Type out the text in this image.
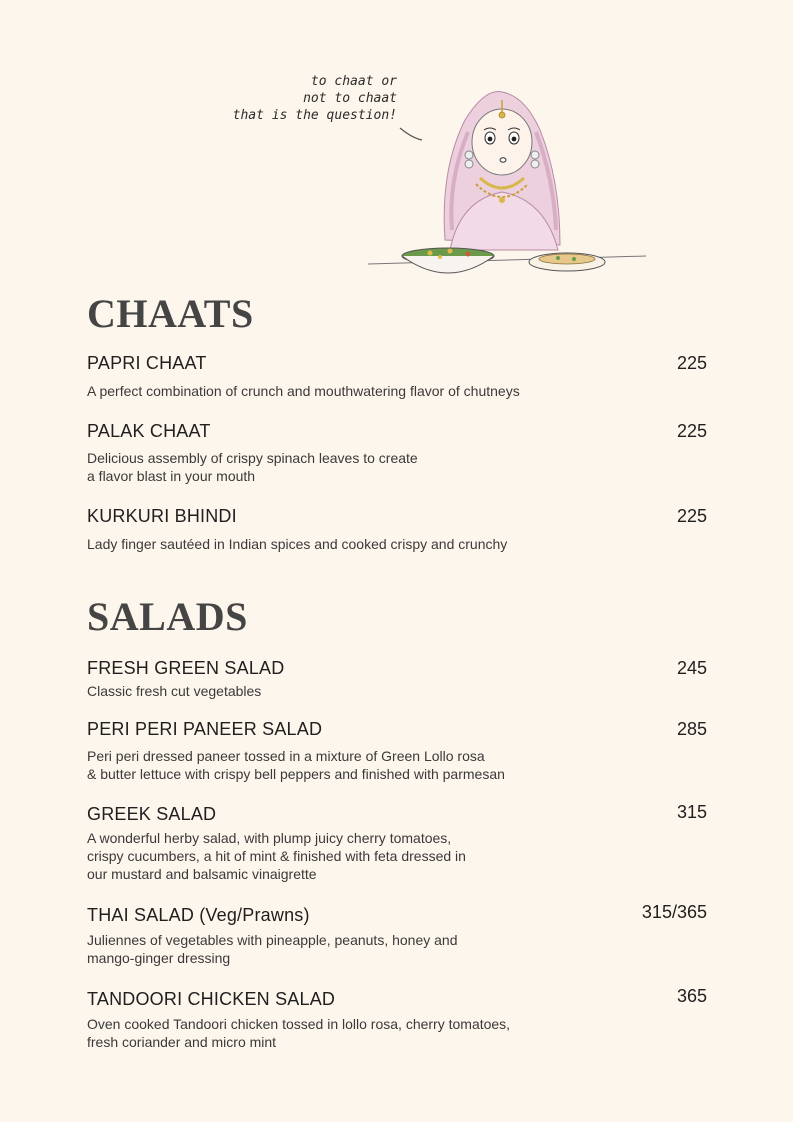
to chaat or
not to chaat
that is the question!
CHAATS
PAPRI CHAAT	225
A perfect combination of crunch and mouthwatering flavor of chutneys
PALAK CHAAT	225
Delicious assembly of crispy spinach leaves to create
a flavor blast in your mouth
KURKURI BHINDI	225
Lady finger sautéed in Indian spices and cooked crispy and crunchy
SALADS
FRESH GREEN SALAD	245
Classic fresh cut vegetables
PERI PERI PANEER SALAD	285
Peri peri dressed paneer tossed in a mixture of Green Lollo rosa
& butter lettuce with crispy bell peppers and finished with parmesan
GREEK SALAD	315
A wonderful herby salad, with plump juicy cherry tomatoes,
crispy cucumbers, a hit of mint & finished with feta dressed in
our mustard and balsamic vinaigrette
THAI SALAD (Veg/Prawns)	315/365
Juliennes of vegetables with pineapple, peanuts, honey and
mango-ginger dressing
TANDOORI CHICKEN SALAD	365
Oven cooked Tandoori chicken tossed in lollo rosa, cherry tomatoes,
fresh coriander and micro mint
